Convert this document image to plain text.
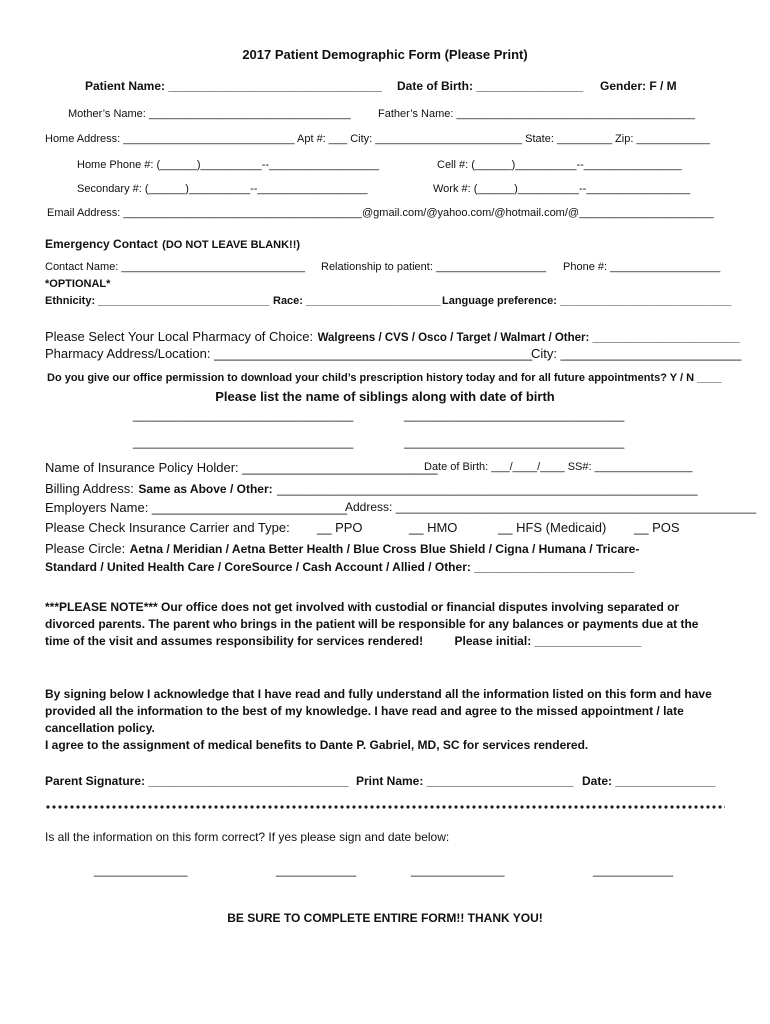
2017 Patient Demographic Form (Please Print)
Patient Name: ________________________________ Date of Birth: ________________ Gender: F / M
Mother’s Name: _________________________________ Father’s Name: _______________________________________
Home Address: ____________________________ Apt #: ___ City: ________________________ State: _________ Zip: ____________
Home Phone #: (______)__________--__________________	Cell #: (______)__________--________________
Secondary #: (______)__________--__________________	Work #: (______)__________--_________________
Email Address: _______________________________________@gmail.com/@yahoo.com/@hotmail.com/@______________________
Emergency Contact (DO NOT LEAVE BLANK!!)
Contact Name: ______________________________ Relationship to patient: __________________ Phone #: __________________
*OPTIONAL*
Ethnicity: ____________________________ Race: ______________________ Language preference: ____________________________
Please Select Your Local Pharmacy of Choice: Walgreens / CVS / Osco / Target / Walmart / Other: _______________________
Pharmacy Address/Location: ____________________________________________
City: _________________________
Do you give our office permission to download your child’s prescription history today and for all future appointments? Y / N ____
Please list the name of siblings along with date of birth
_________________________________	_________________________________
_________________________________	_________________________________
Name of Insurance Policy Holder: ___________________________
Date of Birth: ___/____/____ SS#: ________________
Billing Address: Same as Above / Other: _______________________________________________________________
Employers Name: ___________________________
Address: ______________________________________________________
Please Check Insurance Carrier and Type: __ PPO	__ HMO	__ HFS (Medicaid) __ POS
Please Circle: Aetna / Meridian / Aetna Better Health / Blue Cross Blue Shield / Cigna / Humana / Tricare-
Standard / United Health Care / CoreSource / Cash Account / Allied / Other: ________________________
***PLEASE NOTE*** Our office does not get involved with custodial or financial disputes involving separated or
divorced parents. The parent who brings in the patient will be responsible for any balances or payments due at the
time of the visit and assumes responsibility for services rendered!	Please initial: ________________
By signing below I acknowledge that I have read and fully understand all the information listed on this form and have
provided all the information to the best of my knowledge. I have read and agree to the missed appointment / late
cancellation policy.
I agree to the assignment of medical benefits to Dante P. Gabriel, MD, SC for services rendered.
Parent Signature: ______________________________ Print Name: ______________________ Date: _______________
Is all the information on this form correct? If yes please sign and date below:
______________	____________	______________	____________
BE SURE TO COMPLETE ENTIRE FORM!! THANK YOU!
